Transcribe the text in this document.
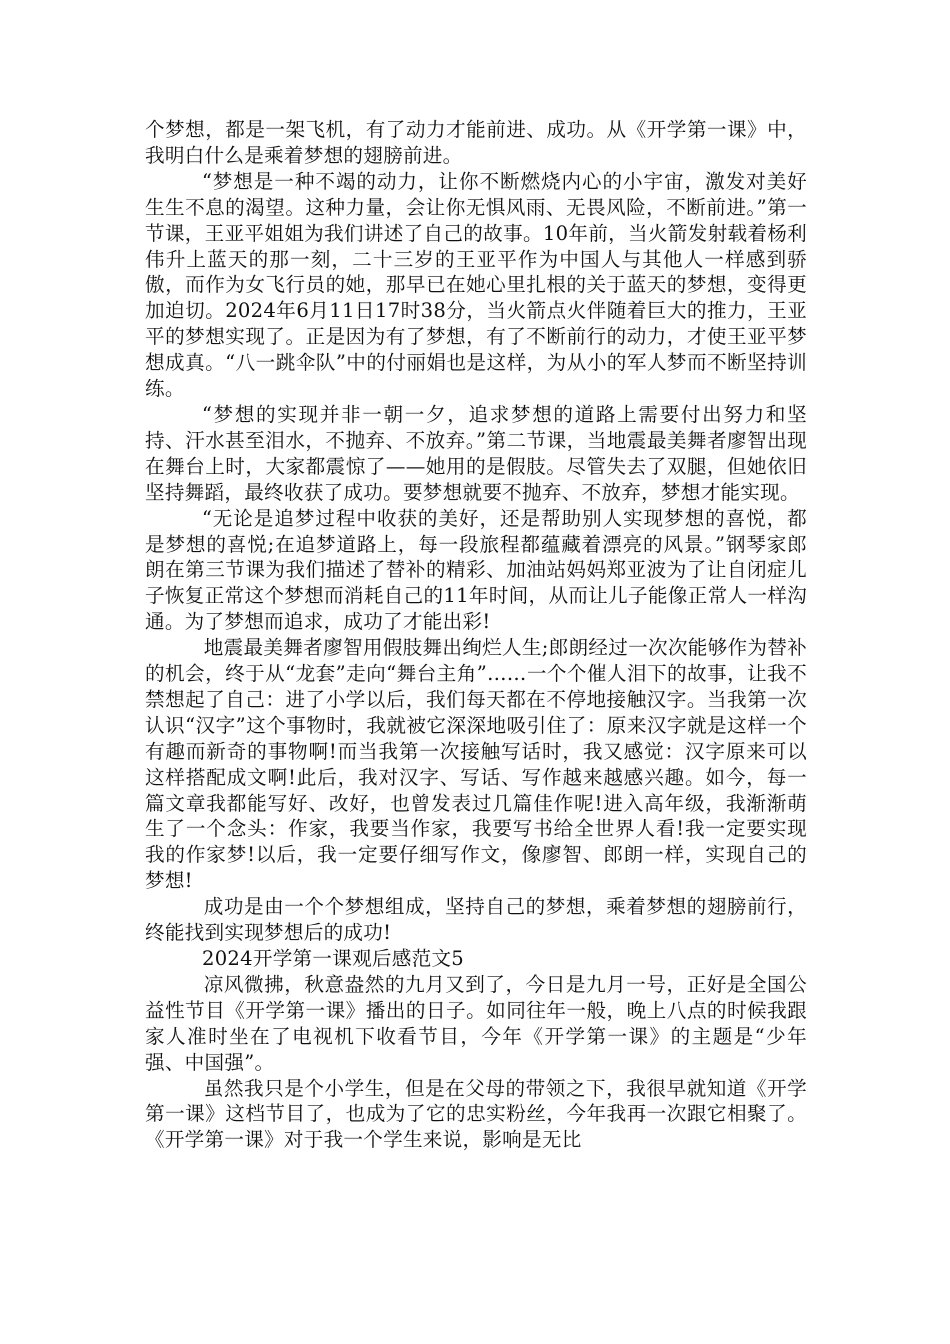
个梦想，都是一架飞机，有了动力才能前进、成功。从《开学第一课》中，我明白什么是乘着梦想的翅膀前进。

“梦想是一种不竭的动力，让你不断燃烧内心的小宇宙，激发对美好生生不息的渴望。这种力量，会让你无惧风雨、无畏风险，不断前进。”第一节课，王亚平姐姐为我们讲述了自己的故事。10年前，当火箭发射载着杨利伟升上蓝天的那一刻，二十三岁的王亚平作为中国人与其他人一样感到骄傲，而作为女飞行员的她，那早已在她心里扎根的关于蓝天的梦想，变得更加迫切。2024年6月11日17时38分，当火箭点火伴随着巨大的推力，王亚平的梦想实现了。正是因为有了梦想，有了不断前行的动力，才使王亚平梦想成真。“八一跳伞队”中的付丽娟也是这样，为从小的军人梦而不断坚持训练。

“梦想的实现并非一朝一夕，追求梦想的道路上需要付出努力和坚持、汗水甚至泪水，不抛弃、不放弃。”第二节课，当地震最美舞者廖智出现在舞台上时，大家都震惊了——她用的是假肢。尽管失去了双腿，但她依旧坚持舞蹈，最终收获了成功。要梦想就要不抛弃、不放弃，梦想才能实现。

“无论是追梦过程中收获的美好，还是帮助别人实现梦想的喜悦，都是梦想的喜悦;在追梦道路上，每一段旅程都蕴藏着漂亮的风景。”钢琴家郎朗在第三节课为我们描述了替补的精彩、加油站妈妈郑亚波为了让自闭症儿子恢复正常这个梦想而消耗自己的11年时间，从而让儿子能像正常人一样沟通。为了梦想而追求，成功了才能出彩!

地震最美舞者廖智用假肢舞出绚烂人生;郎朗经过一次次能够作为替补的机会，终于从“龙套”走向“舞台主角”……一个个催人泪下的故事，让我不禁想起了自己：进了小学以后，我们每天都在不停地接触汉字。当我第一次认识“汉字”这个事物时，我就被它深深地吸引住了：原来汉字就是这样一个有趣而新奇的事物啊!而当我第一次接触写话时，我又感觉：汉字原来可以这样搭配成文啊!此后，我对汉字、写话、写作越来越感兴趣。如今，每一篇文章我都能写好、改好，也曾发表过几篇佳作呢!进入高年级，我渐渐萌生了一个念头：作家，我要当作家，我要写书给全世界人看!我一定要实现我的作家梦!以后，我一定要仔细写作文，像廖智、郎朗一样，实现自己的梦想!

成功是由一个个梦想组成，坚持自己的梦想，乘着梦想的翅膀前行，终能找到实现梦想后的成功!

2024开学第一课观后感范文5

凉风微拂，秋意盎然的九月又到了，今日是九月一号，正好是全国公益性节目《开学第一课》播出的日子。如同往年一般，晚上八点的时候我跟家人准时坐在了电视机下收看节目，今年《开学第一课》的主题是“少年强、中国强”。

虽然我只是个小学生，但是在父母的带领之下，我很早就知道《开学第一课》这档节目了，也成为了它的忠实粉丝，今年我再一次跟它相聚了。《开学第一课》对于我一个学生来说，影响是无比
